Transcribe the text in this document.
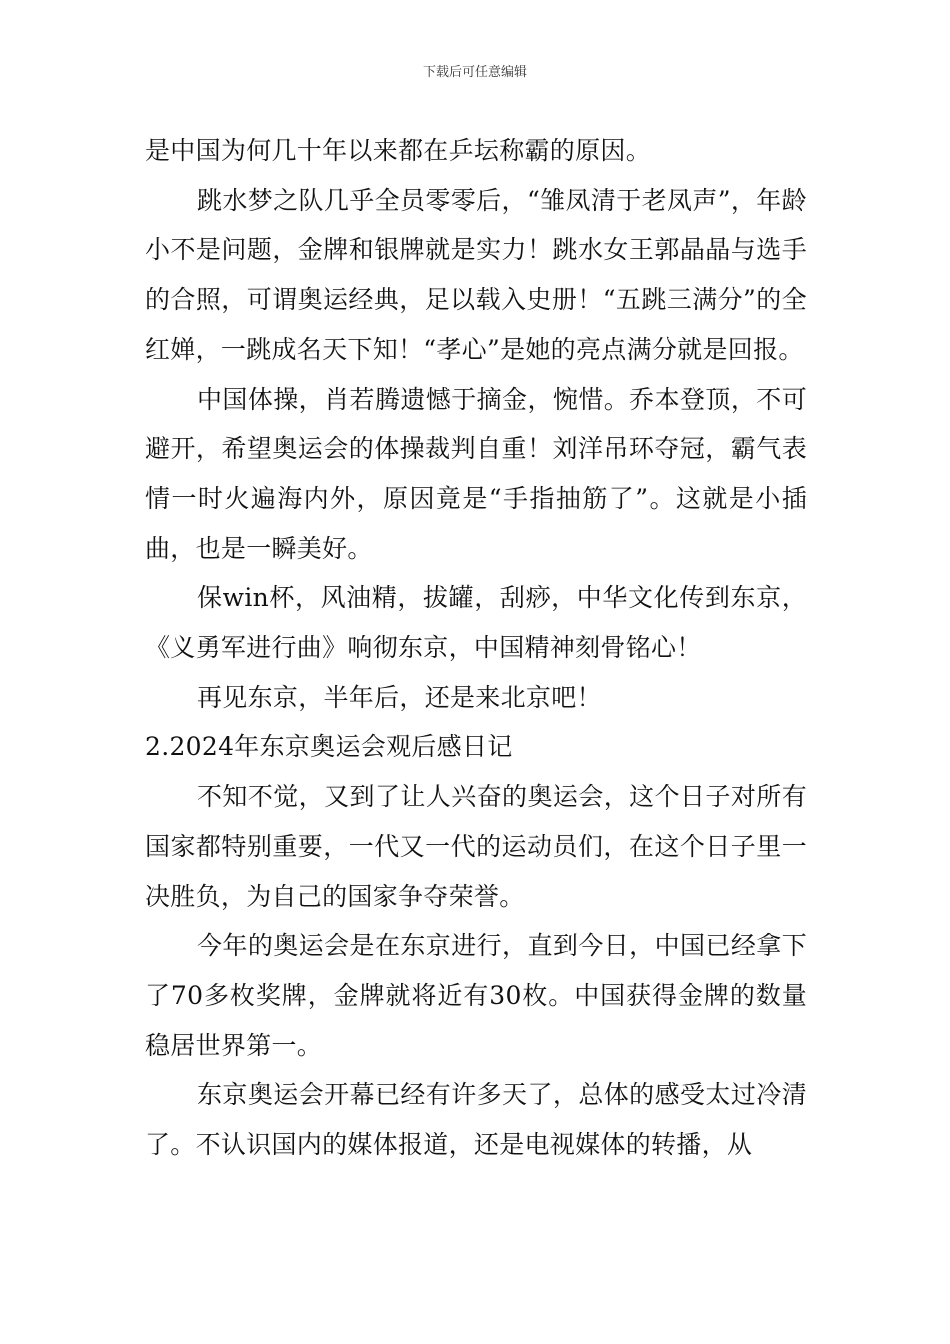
下载后可任意编辑

是中国为何几十年以来都在乒坛称霸的原因。

跳水梦之队几乎全员零零后，“雏凤清于老凤声”，年龄小不是问题，金牌和银牌就是实力！跳水女王郭晶晶与选手的合照，可谓奥运经典，足以载入史册！“五跳三满分”的全红婵，一跳成名天下知！“孝心”是她的亮点满分就是回报。

中国体操，肖若腾遗憾于摘金，惋惜。乔本登顶，不可避开，希望奥运会的体操裁判自重！刘洋吊环夺冠，霸气表情一时火遍海内外，原因竟是“手指抽筋了”。这就是小插曲，也是一瞬美好。

保win杯，风油精，拔罐，刮痧，中华文化传到东京，《义勇军进行曲》响彻东京，中国精神刻骨铭心！

再见东京，半年后，还是来北京吧！

2.2024年东京奥运会观后感日记

不知不觉，又到了让人兴奋的奥运会，这个日子对所有国家都特别重要，一代又一代的运动员们，在这个日子里一决胜负，为自己的国家争夺荣誉。

今年的奥运会是在东京进行，直到今日，中国已经拿下了70多枚奖牌，金牌就将近有30枚。中国获得金牌的数量稳居世界第一。

东京奥运会开幕已经有许多天了，总体的感受太过冷清了。不认识国内的媒体报道，还是电视媒体的转播，从
